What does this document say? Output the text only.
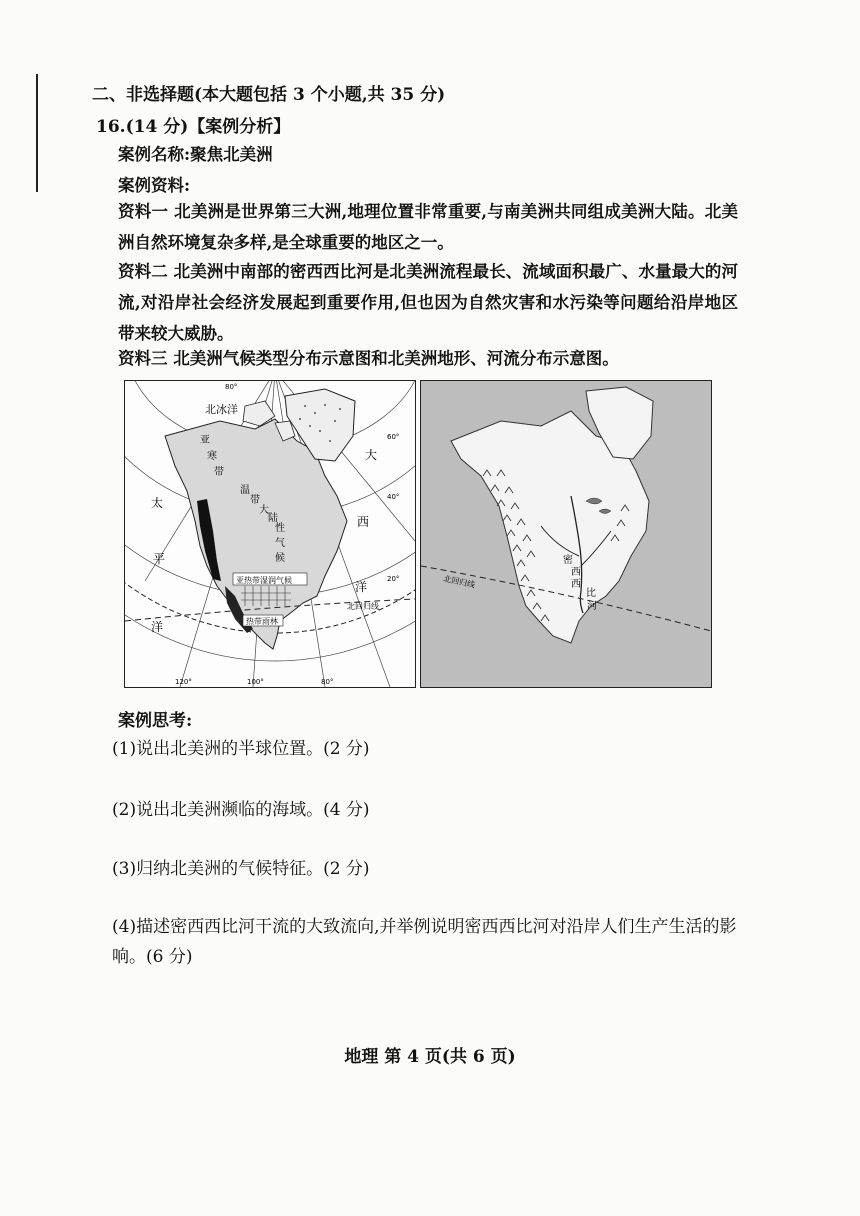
二、非选择题(本大题包括 3 个小题,共 35 分)
16.(14 分)【案例分析】
案例名称:聚焦北美洲
案例资料:
资料一 北美洲是世界第三大洲,地理位置非常重要,与南美洲共同组成美洲大陆。北美洲自然环境复杂多样,是全球重要的地区之一。
资料二 北美洲中南部的密西西比河是北美洲流程最长、流域面积最广、水量最大的河流,对沿岸社会经济发展起到重要作用,但也因为自然灾害和水污染等问题给沿岸地区带来较大威胁。
资料三 北美洲气候类型分布示意图和北美洲地形、河流分布示意图。
北冰洋
大
西
洋
太
平
洋
亚
寒
带
温
带
大
陆
性
气
候
亚热带湿润气候
热带雨林
北回归线
80°
120°	100°	80°
60°
40°
20°
密
西
西
比
河
北回归线
案例思考:
(1)说出北美洲的半球位置。(2 分)
(2)说出北美洲濒临的海域。(4 分)
(3)归纳北美洲的气候特征。(2 分)
(4)描述密西西比河干流的大致流向,并举例说明密西西比河对沿岸人们生产生活的影响。(6 分)
地理 第 4 页(共 6 页)
